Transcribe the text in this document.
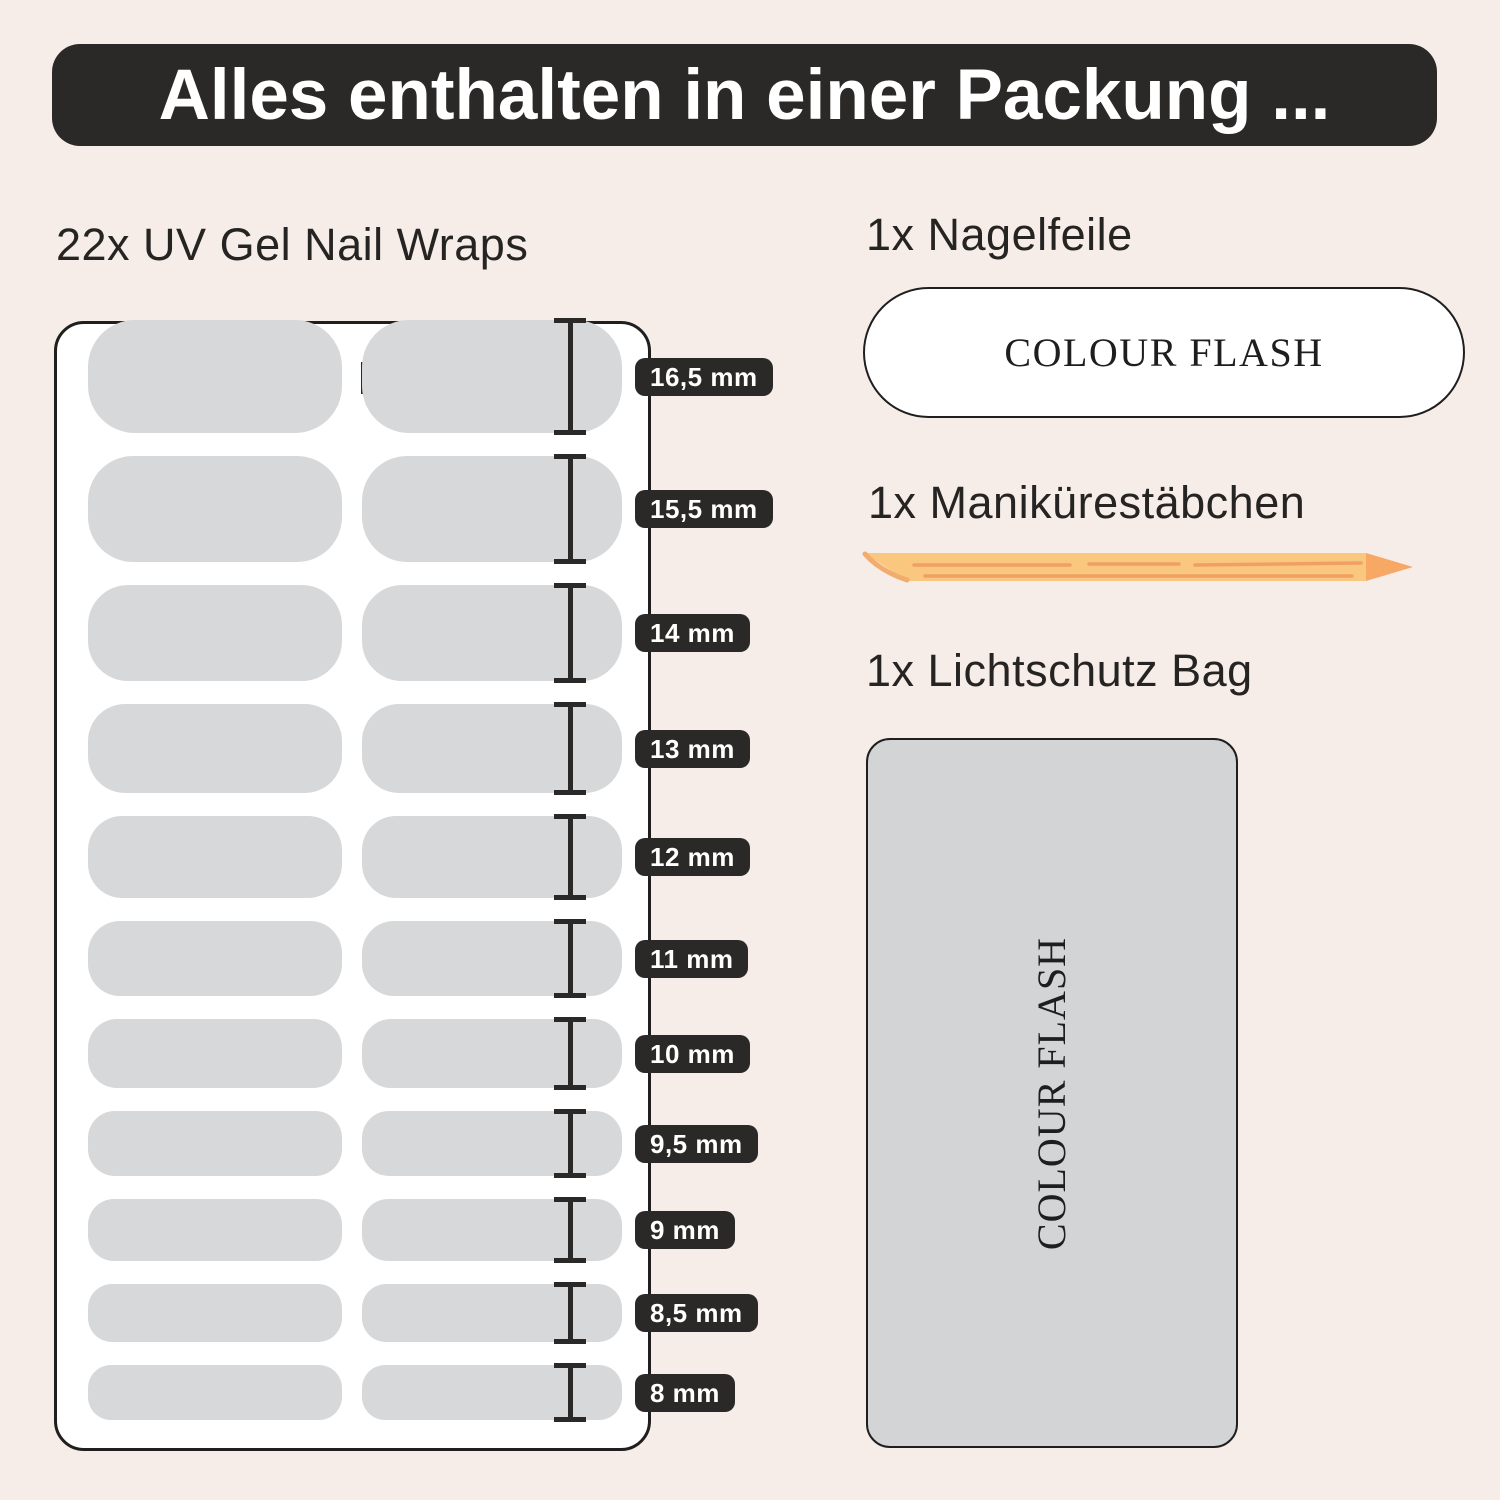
Alles enthalten in einer Packung ...
22x UV Gel Nail Wraps	1x Nagelfeile
1x Manikürestäbchen
1x Lichtschutz Bag
16,5 mm
15,5 mm
14 mm
13 mm
12 mm
11 mm
10 mm
9,5 mm
9 mm
8,5 mm
8 mm
COLOUR FLASH
COLOUR FLASH
